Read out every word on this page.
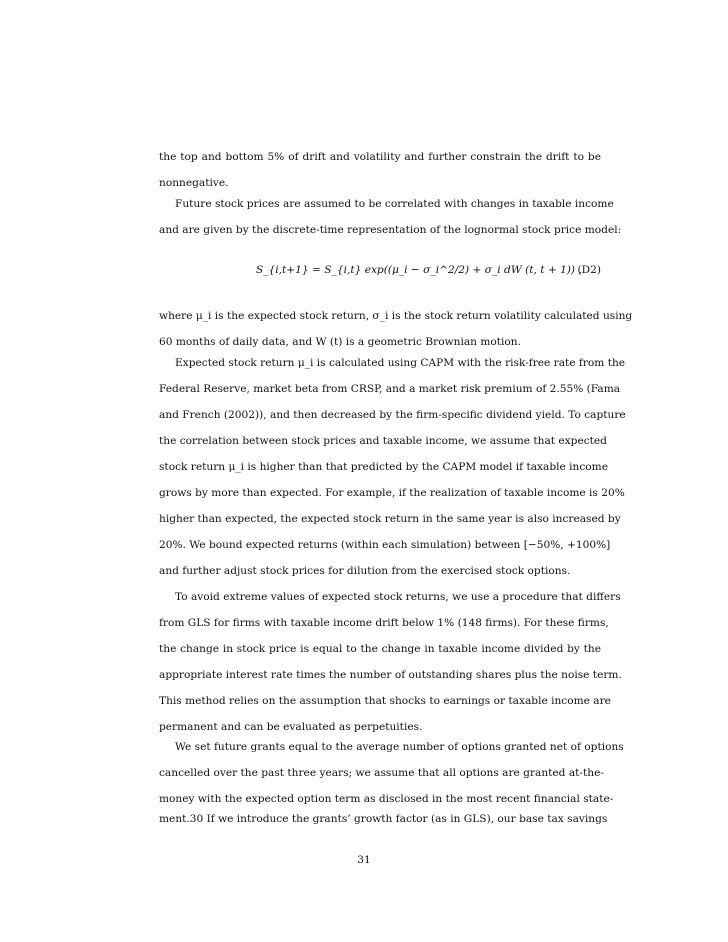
the top and bottom 5% of drift and volatility and further constrain the drift to be
nonnegative.
Future stock prices are assumed to be correlated with changes in taxable income
and are given by the discrete-time representation of the lognormal stock price model:
S_{i,t+1} = S_{i,t} exp((μ_i − σ_i^2/2) + σ_i dW (t, t + 1)) ,
(D2)
where μ_i is the expected stock return, σ_i is the stock return volatility calculated using
60 months of daily data, and W (t) is a geometric Brownian motion.
Expected stock return μ_i is calculated using CAPM with the risk-free rate from the
Federal Reserve, market beta from CRSP, and a market risk premium of 2.55% (Fama
and French (2002)), and then decreased by the firm-specific dividend yield. To capture
the correlation between stock prices and taxable income, we assume that expected
stock return μ_i is higher than that predicted by the CAPM model if taxable income
grows by more than expected. For example, if the realization of taxable income is 20%
higher than expected, the expected stock return in the same year is also increased by
20%. We bound expected returns (within each simulation) between [−50%, +100%]
and further adjust stock prices for dilution from the exercised stock options.
To avoid extreme values of expected stock returns, we use a procedure that differs
from GLS for firms with taxable income drift below 1% (148 firms). For these firms,
the change in stock price is equal to the change in taxable income divided by the
appropriate interest rate times the number of outstanding shares plus the noise term.
This method relies on the assumption that shocks to earnings or taxable income are
permanent and can be evaluated as perpetuities.
We set future grants equal to the average number of options granted net of options
cancelled over the past three years; we assume that all options are granted at-the-
money with the expected option term as disclosed in the most recent financial state-
ment.30 If we introduce the grants’ growth factor (as in GLS), our base tax savings
31
